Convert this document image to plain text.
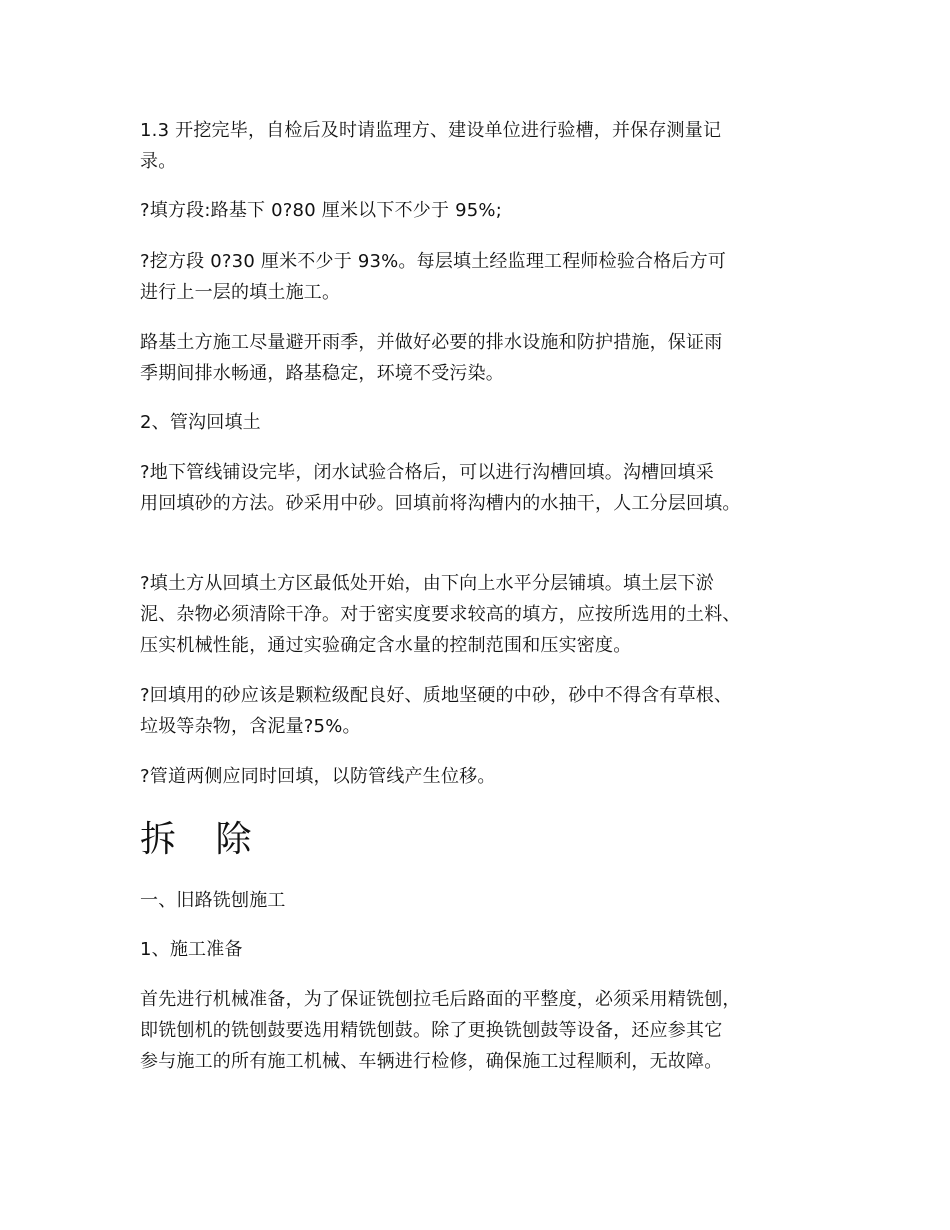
1.3 开挖完毕，自检后及时请监理方、建设单位进行验槽，并保存测量记
录。
?填方段:路基下 0?80 厘米以下不少于 95%;
?挖方段 0?30 厘米不少于 93%。每层填土经监理工程师检验合格后方可
进行上一层的填土施工。
路基土方施工尽量避开雨季，并做好必要的排水设施和防护措施，保证雨
季期间排水畅通，路基稳定，环境不受污染。
2、管沟回填土
?地下管线铺设完毕，闭水试验合格后，可以进行沟槽回填。沟槽回填采
用回填砂的方法。砂采用中砂。回填前将沟槽内的水抽干，人工分层回填。
?填土方从回填土方区最低处开始，由下向上水平分层铺填。填土层下淤
泥、杂物必须清除干净。对于密实度要求较高的填方，应按所选用的土料、
压实机械性能，通过实验确定含水量的控制范围和压实密度。
?回填用的砂应该是颗粒级配良好、质地坚硬的中砂，砂中不得含有草根、
垃圾等杂物，含泥量?5%。
?管道两侧应同时回填，以防管线产生位移。
拆 除
一、旧路铣刨施工
1、施工准备
首先进行机械准备，为了保证铣刨拉毛后路面的平整度，必须采用精铣刨，
即铣刨机的铣刨鼓要选用精铣刨鼓。除了更换铣刨鼓等设备，还应参其它
参与施工的所有施工机械、车辆进行检修，确保施工过程顺利，无故障。
